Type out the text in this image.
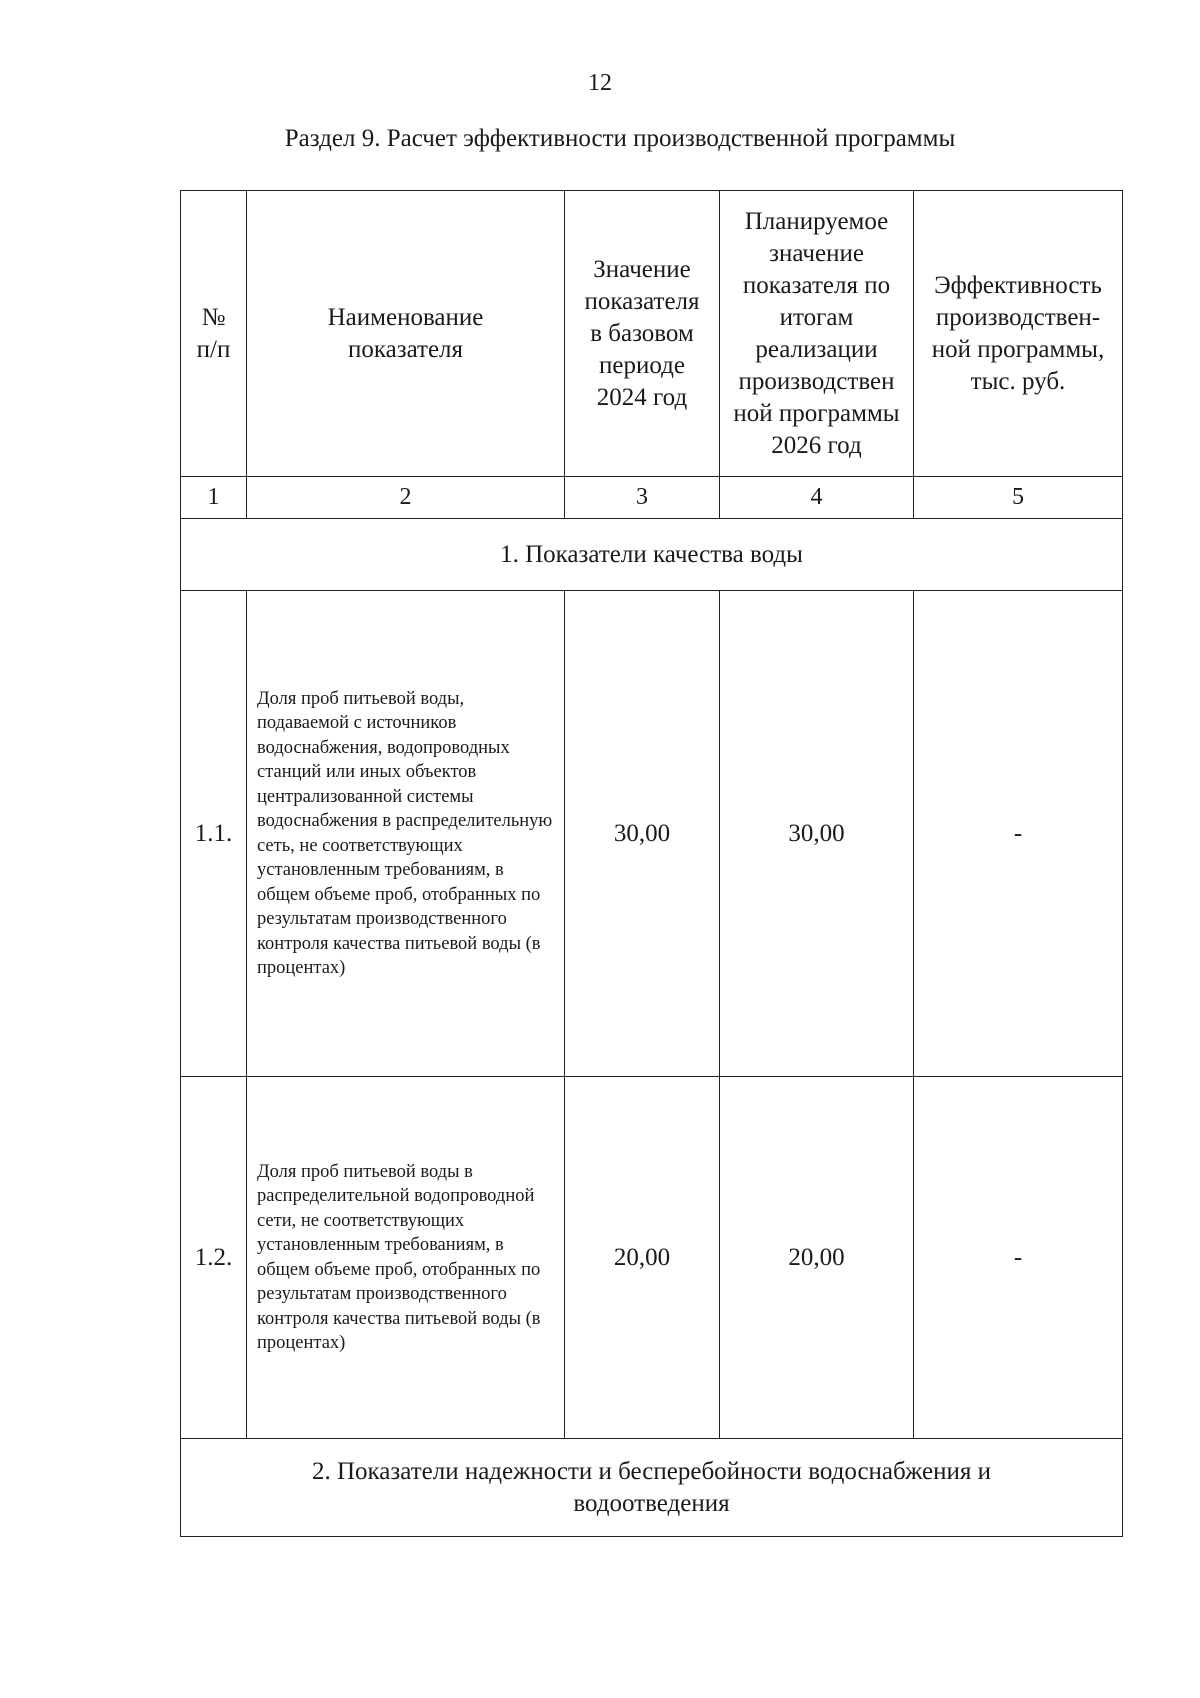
12
Раздел 9. Расчет эффективности производственной программы
№ п/п	Наименование показателя	Значение показателя в базовом периоде 2024 год	Планируемое значение показателя по итогам реализации производствен ной программы 2026 год	Эффективность производствен-ной программы, тыс. руб.
1	2	3	4	5
1. Показатели качества воды				
1.1.	Доля проб питьевой воды, подаваемой с источников водоснабжения, водопроводных станций или иных объектов централизованной системы водоснабжения в распределительную сеть, не соответствующих установленным требованиям, в общем объеме проб, отобранных по результатам производственного контроля качества питьевой воды (в процентах)	30,00	30,00	-
1.2.	Доля проб питьевой воды в распределительной водопроводной сети, не соответствующих установленным требованиям, в общем объеме проб, отобранных по результатам производственного контроля качества питьевой воды (в процентах)	20,00	20,00	-
2. Показатели надежности и бесперебойности водоснабжения и водоотведения				
